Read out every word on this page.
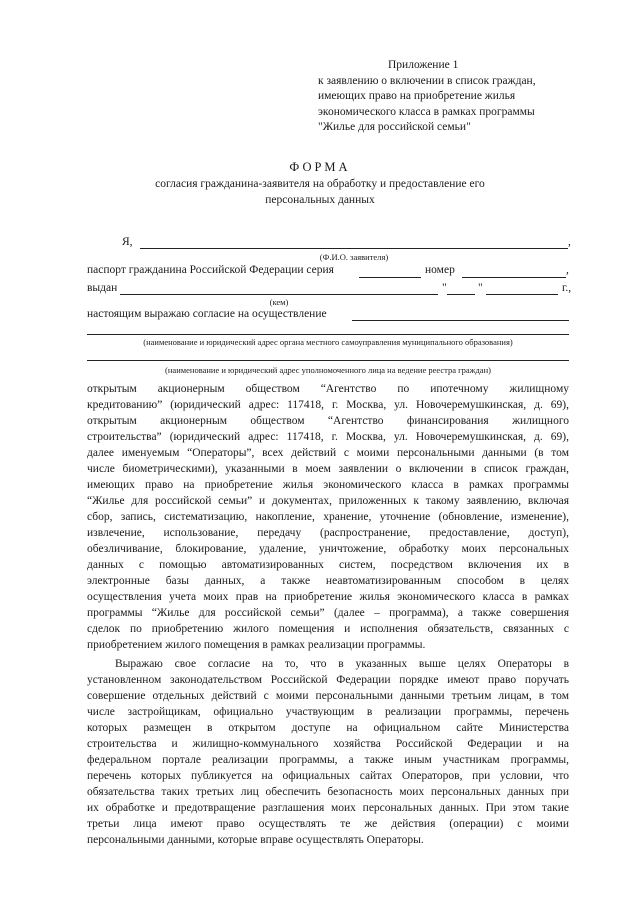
Приложение 1
к заявлению о включении в список граждан,
имеющих право на приобретение жилья
экономического класса в рамках программы
"Жилье для российской семьи"
ФОРМА
согласия гражданина-заявителя на обработку и предоставление его
персональных данных
Я,	,
(Ф.И.О. заявителя)
паспорт гражданина Российской Федерации серия	номер	,
выдан	"	"	г.,
(кем)
настоящим выражаю согласие на осуществление
(наименование и юридический адрес органа местного самоуправления муниципального образования)
(наименование и юридический адрес уполномоченного лица на ведение реестра граждан)

открытым акционерным обществом “Агентство по ипотечному жилищному
кредитованию” (юридический адрес: 117418, г. Москва, ул. Новочеремушкинская, д. 69),
открытым акционерным обществом “Агентство финансирования жилищного
строительства” (юридический адрес: 117418, г. Москва, ул. Новочеремушкинская, д. 69),
далее именуемым “Операторы”, всех действий с моими персональными данными (в том
числе биометрическими), указанными в моем заявлении о включении в список граждан,
имеющих право на приобретение жилья экономического класса в рамках программы
“Жилье для российской семьи” и документах, приложенных к такому заявлению, включая
сбор, запись, систематизацию, накопление, хранение, уточнение (обновление, изменение),
извлечение, использование, передачу (распространение, предоставление, доступ),
обезличивание, блокирование, удаление, уничтожение, обработку моих персональных
данных с помощью автоматизированных систем, посредством включения их в
электронные базы данных, а также неавтоматизированным способом в целях
осуществления учета моих прав на приобретение жилья экономического класса в рамках
программы “Жилье для российской семьи” (далее – программа), а также совершения
сделок по приобретению жилого помещения и исполнения обязательств, связанных с
приобретением жилого помещения в рамках реализации программы.

Выражаю свое согласие на то, что в указанных выше целях Операторы в
установленном законодательством Российской Федерации порядке имеют право поручать
совершение отдельных действий с моими персональными данными третьим лицам, в том
числе застройщикам, официально участвующим в реализации программы, перечень
которых размещен в открытом доступе на официальном сайте Министерства
строительства и жилищно-коммунального хозяйства Российской Федерации и на
федеральном портале реализации программы, а также иным участникам программы,
перечень которых публикуется на официальных сайтах Операторов, при условии, что
обязательства таких третьих лиц обеспечить безопасность моих персональных данных при
их обработке и предотвращение разглашения моих персональных данных. При этом такие
третьи лица имеют право осуществлять те же действия (операции) с моими
персональными данными, которые вправе осуществлять Операторы.
